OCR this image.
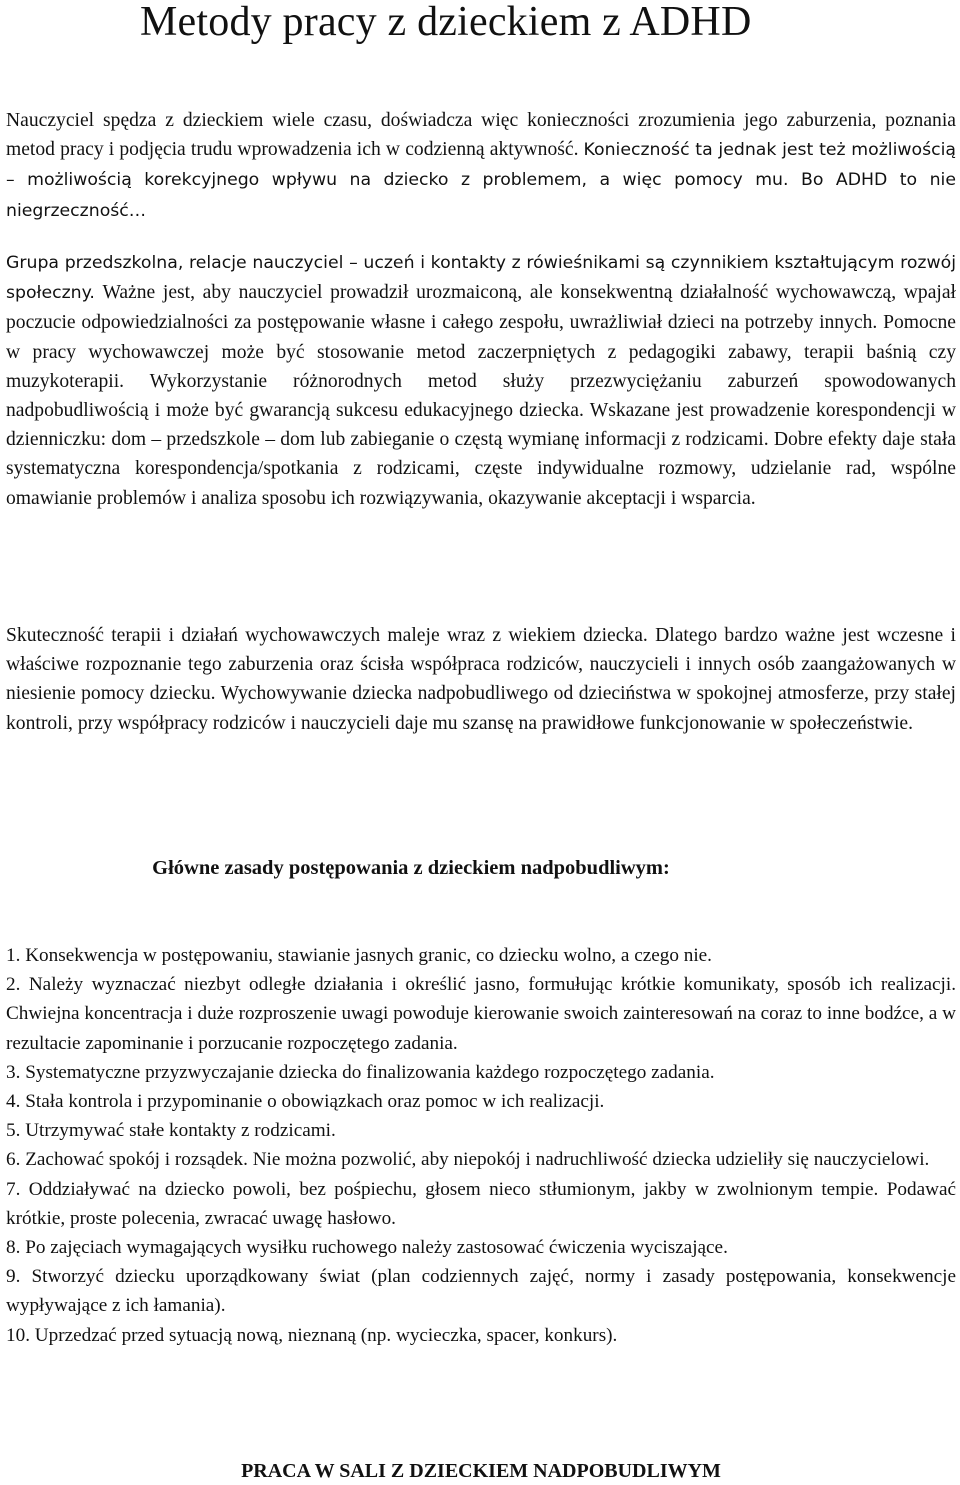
Metody pracy z dzieckiem z ADHD

Nauczyciel spędza z dzieckiem wiele czasu, doświadcza więc konieczności zrozumienia jego zaburzenia, poznania metod pracy i podjęcia trudu wprowadzenia ich w codzienną aktywność. Konieczność ta jednak jest też możliwością – możliwością korekcyjnego wpływu na dziecko z problemem, a więc pomocy mu. Bo ADHD to nie niegrzeczność…

Grupa przedszkolna, relacje nauczyciel – uczeń i kontakty z rówieśnikami są czynnikiem kształtującym rozwój społeczny. Ważne jest, aby nauczyciel prowadził urozmaiconą, ale konsekwentną działalność wychowawczą, wpajał poczucie odpowiedzialności za postępowanie własne i całego zespołu, uwrażliwiał dzieci na potrzeby innych. Pomocne w pracy wychowawczej może być stosowanie metod zaczerpniętych z pedagogiki zabawy, terapii baśnią czy muzykoterapii. Wykorzystanie różnorodnych metod służy przezwyciężaniu zaburzeń spowodowanych nadpobudliwością i może być gwarancją sukcesu edukacyjnego dziecka. Wskazane jest prowadzenie korespondencji w dzienniczku: dom – przedszkole – dom lub zabieganie o częstą wymianę informacji z rodzicami. Dobre efekty daje stała systematyczna korespondencja/spotkania z rodzicami, częste indywidualne rozmowy, udzielanie rad, wspólne omawianie problemów i analiza sposobu ich rozwiązywania, okazywanie akceptacji i wsparcia.

Skuteczność terapii i działań wychowawczych maleje wraz z wiekiem dziecka. Dlatego bardzo ważne jest wczesne i właściwe rozpoznanie tego zaburzenia oraz ścisła współpraca rodziców, nauczycieli i innych osób zaangażowanych w niesienie pomocy dziecku. Wychowywanie dziecka nadpobudliwego od dzieciństwa w spokojnej atmosferze, przy stałej kontroli, przy współpracy rodziców i nauczycieli daje mu szansę na prawidłowe funkcjonowanie w społeczeństwie.

Główne zasady postępowania z dzieckiem nadpobudliwym:
1. Konsekwencja w postępowaniu, stawianie jasnych granic, co dziecku wolno, a czego nie.
2. Należy wyznaczać niezbyt odległe działania i określić jasno, formułując krótkie komunikaty, sposób ich realizacji. Chwiejna koncentracja i duże rozproszenie uwagi powoduje kierowanie swoich zainteresowań na coraz to inne bodźce, a w rezultacie zapominanie i porzucanie rozpoczętego zadania.
3. Systematyczne przyzwyczajanie dziecka do finalizowania każdego rozpoczętego zadania.
4. Stała kontrola i przypominanie o obowiązkach oraz pomoc w ich realizacji.
5. Utrzymywać stałe kontakty z rodzicami.
6. Zachować spokój i rozsądek. Nie można pozwolić, aby niepokój i nadruchliwość dziecka udzieliły się nauczycielowi.
7. Oddziaływać na dziecko powoli, bez pośpiechu, głosem nieco stłumionym, jakby w zwolnionym tempie. Podawać krótkie, proste polecenia, zwracać uwagę hasłowo.
8. Po zajęciach wymagających wysiłku ruchowego należy zastosować ćwiczenia wyciszające.
9. Stworzyć dziecku uporządkowany świat (plan codziennych zajęć, normy i zasady postępowania, konsekwencje wypływające z ich łamania).
10. Uprzedzać przed sytuacją nową, nieznaną (np. wycieczka, spacer, konkurs).
PRACA W SALI Z DZIECKIEM NADPOBUDLIWYM
